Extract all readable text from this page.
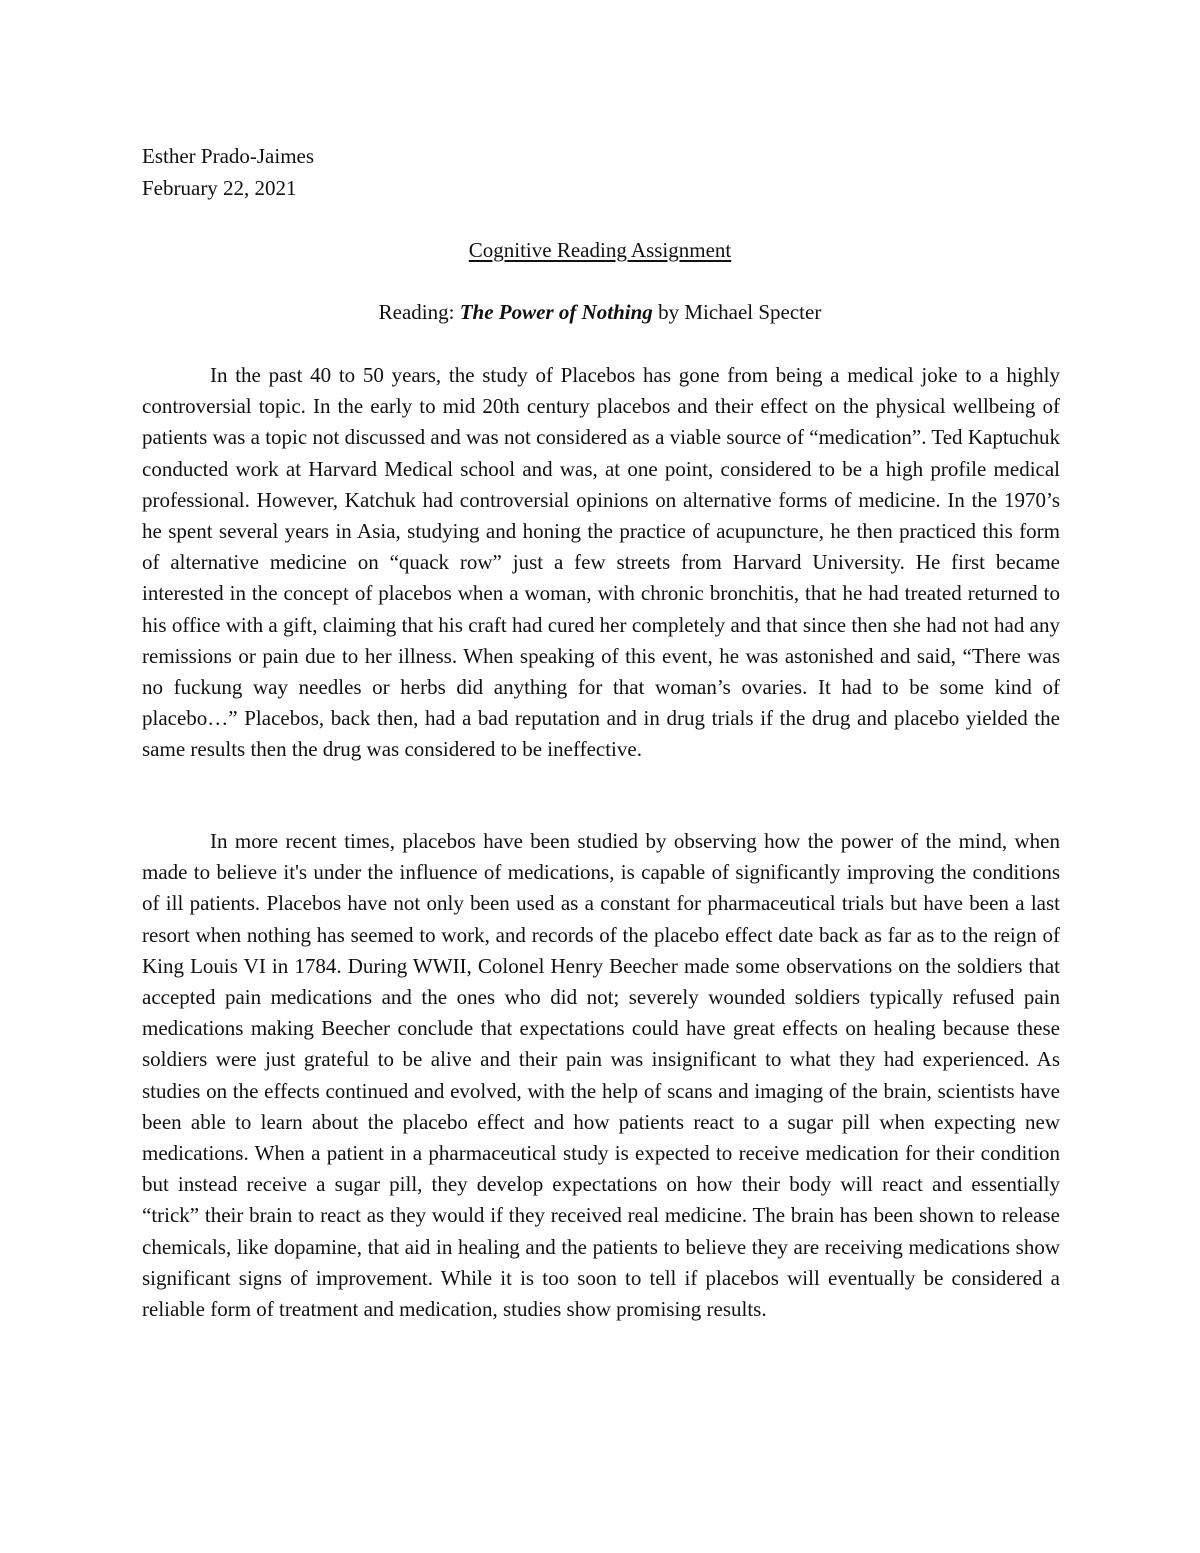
Esther Prado-Jaimes

February 22, 2021

Cognitive Reading Assignment

Reading: The Power of Nothing by Michael Specter

In the past 40 to 50 years, the study of Placebos has gone from being a medical joke to a highly controversial topic. In the early to mid 20th century placebos and their effect on the physical wellbeing of patients was a topic not discussed and was not considered as a viable source of “medication”. Ted Kaptuchuk conducted work at Harvard Medical school and was, at one point, considered to be a high profile medical professional. However, Katchuk had controversial opinions on alternative forms of medicine. In the 1970’s he spent several years in Asia, studying and honing the practice of acupuncture, he then practiced this form of alternative medicine on “quack row” just a few streets from Harvard University. He first became interested in the concept of placebos when a woman, with chronic bronchitis, that he had treated returned to his office with a gift, claiming that his craft had cured her completely and that since then she had not had any remissions or pain due to her illness. When speaking of this event, he was astonished and said, “There was no fuckung way needles or herbs did anything for that woman’s ovaries. It had to be some kind of placebo…” Placebos, back then, had a bad reputation and in drug trials if the drug and placebo yielded the same results then the drug was considered to be ineffective.

In more recent times, placebos have been studied by observing how the power of the mind, when made to believe it's under the influence of medications, is capable of significantly improving the conditions of ill patients. Placebos have not only been used as a constant for pharmaceutical trials but have been a last resort when nothing has seemed to work, and records of the placebo effect date back as far as to the reign of King Louis VI in 1784. During WWII, Colonel Henry Beecher made some observations on the soldiers that accepted pain medications and the ones who did not; severely wounded soldiers typically refused pain medications making Beecher conclude that expectations could have great effects on healing because these soldiers were just grateful to be alive and their pain was insignificant to what they had experienced. As studies on the effects continued and evolved, with the help of scans and imaging of the brain, scientists have been able to learn about the placebo effect and how patients react to a sugar pill when expecting new medications. When a patient in a pharmaceutical study is expected to receive medication for their condition but instead receive a sugar pill, they develop expectations on how their body will react and essentially “trick” their brain to react as they would if they received real medicine. The brain has been shown to release chemicals, like dopamine, that aid in healing and the patients to believe they are receiving medications show significant signs of improvement. While it is too soon to tell if placebos will eventually be considered a reliable form of treatment and medication, studies show promising results.
